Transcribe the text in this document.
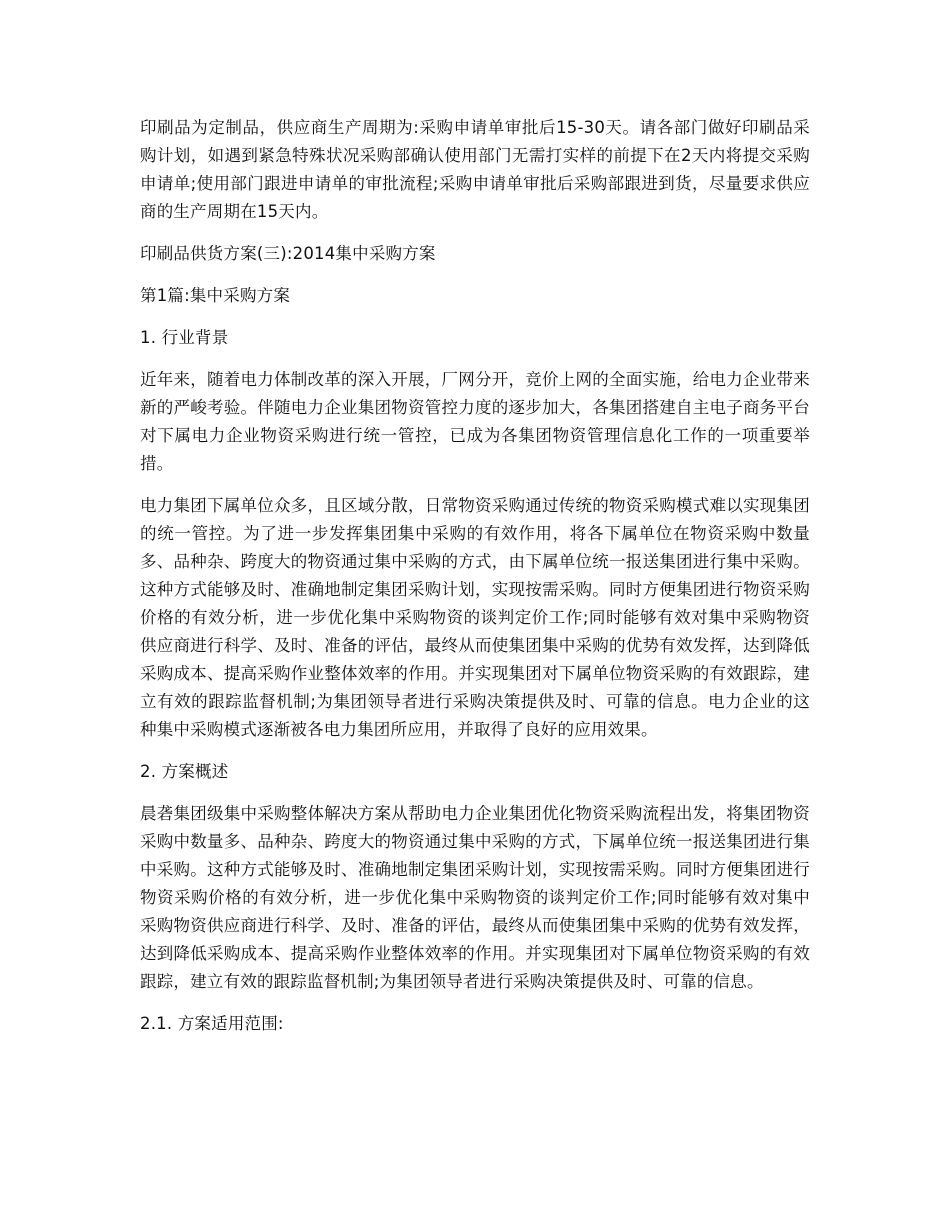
印刷品为定制品，供应商生产周期为:采购申请单审批后15-30天。请各部门做好印刷品采购计划，如遇到紧急特殊状况采购部确认使用部门无需打实样的前提下在2天内将提交采购申请单;使用部门跟进申请单的审批流程;采购申请单审批后采购部跟进到货，尽量要求供应商的生产周期在15天内。

印刷品供货方案(三):2014集中采购方案

第1篇:集中采购方案

1. 行业背景

近年来，随着电力体制改革的深入开展，厂网分开，竞价上网的全面实施，给电力企业带来新的严峻考验。伴随电力企业集团物资管控力度的逐步加大，各集团搭建自主电子商务平台对下属电力企业物资采购进行统一管控，已成为各集团物资管理信息化工作的一项重要举措。

电力集团下属单位众多，且区域分散，日常物资采购通过传统的物资采购模式难以实现集团的统一管控。为了进一步发挥集团集中采购的有效作用，将各下属单位在物资采购中数量多、品种杂、跨度大的物资通过集中采购的方式，由下属单位统一报送集团进行集中采购。这种方式能够及时、准确地制定集团采购计划，实现按需采购。同时方便集团进行物资采购价格的有效分析，进一步优化集中采购物资的谈判定价工作;同时能够有效对集中采购物资供应商进行科学、及时、准备的评估，最终从而使集团集中采购的优势有效发挥，达到降低采购成本、提高采购作业整体效率的作用。并实现集团对下属单位物资采购的有效跟踪，建立有效的跟踪监督机制;为集团领导者进行采购决策提供及时、可靠的信息。电力企业的这种集中采购模式逐渐被各电力集团所应用，并取得了良好的应用效果。

2. 方案概述

晨砻集团级集中采购整体解决方案从帮助电力企业集团优化物资采购流程出发，将集团物资采购中数量多、品种杂、跨度大的物资通过集中采购的方式，下属单位统一报送集团进行集中采购。这种方式能够及时、准确地制定集团采购计划，实现按需采购。同时方便集团进行物资采购价格的有效分析，进一步优化集中采购物资的谈判定价工作;同时能够有效对集中采购物资供应商进行科学、及时、准备的评估，最终从而使集团集中采购的优势有效发挥，达到降低采购成本、提高采购作业整体效率的作用。并实现集团对下属单位物资采购的有效跟踪，建立有效的跟踪监督机制;为集团领导者进行采购决策提供及时、可靠的信息。

2.1. 方案适用范围:
